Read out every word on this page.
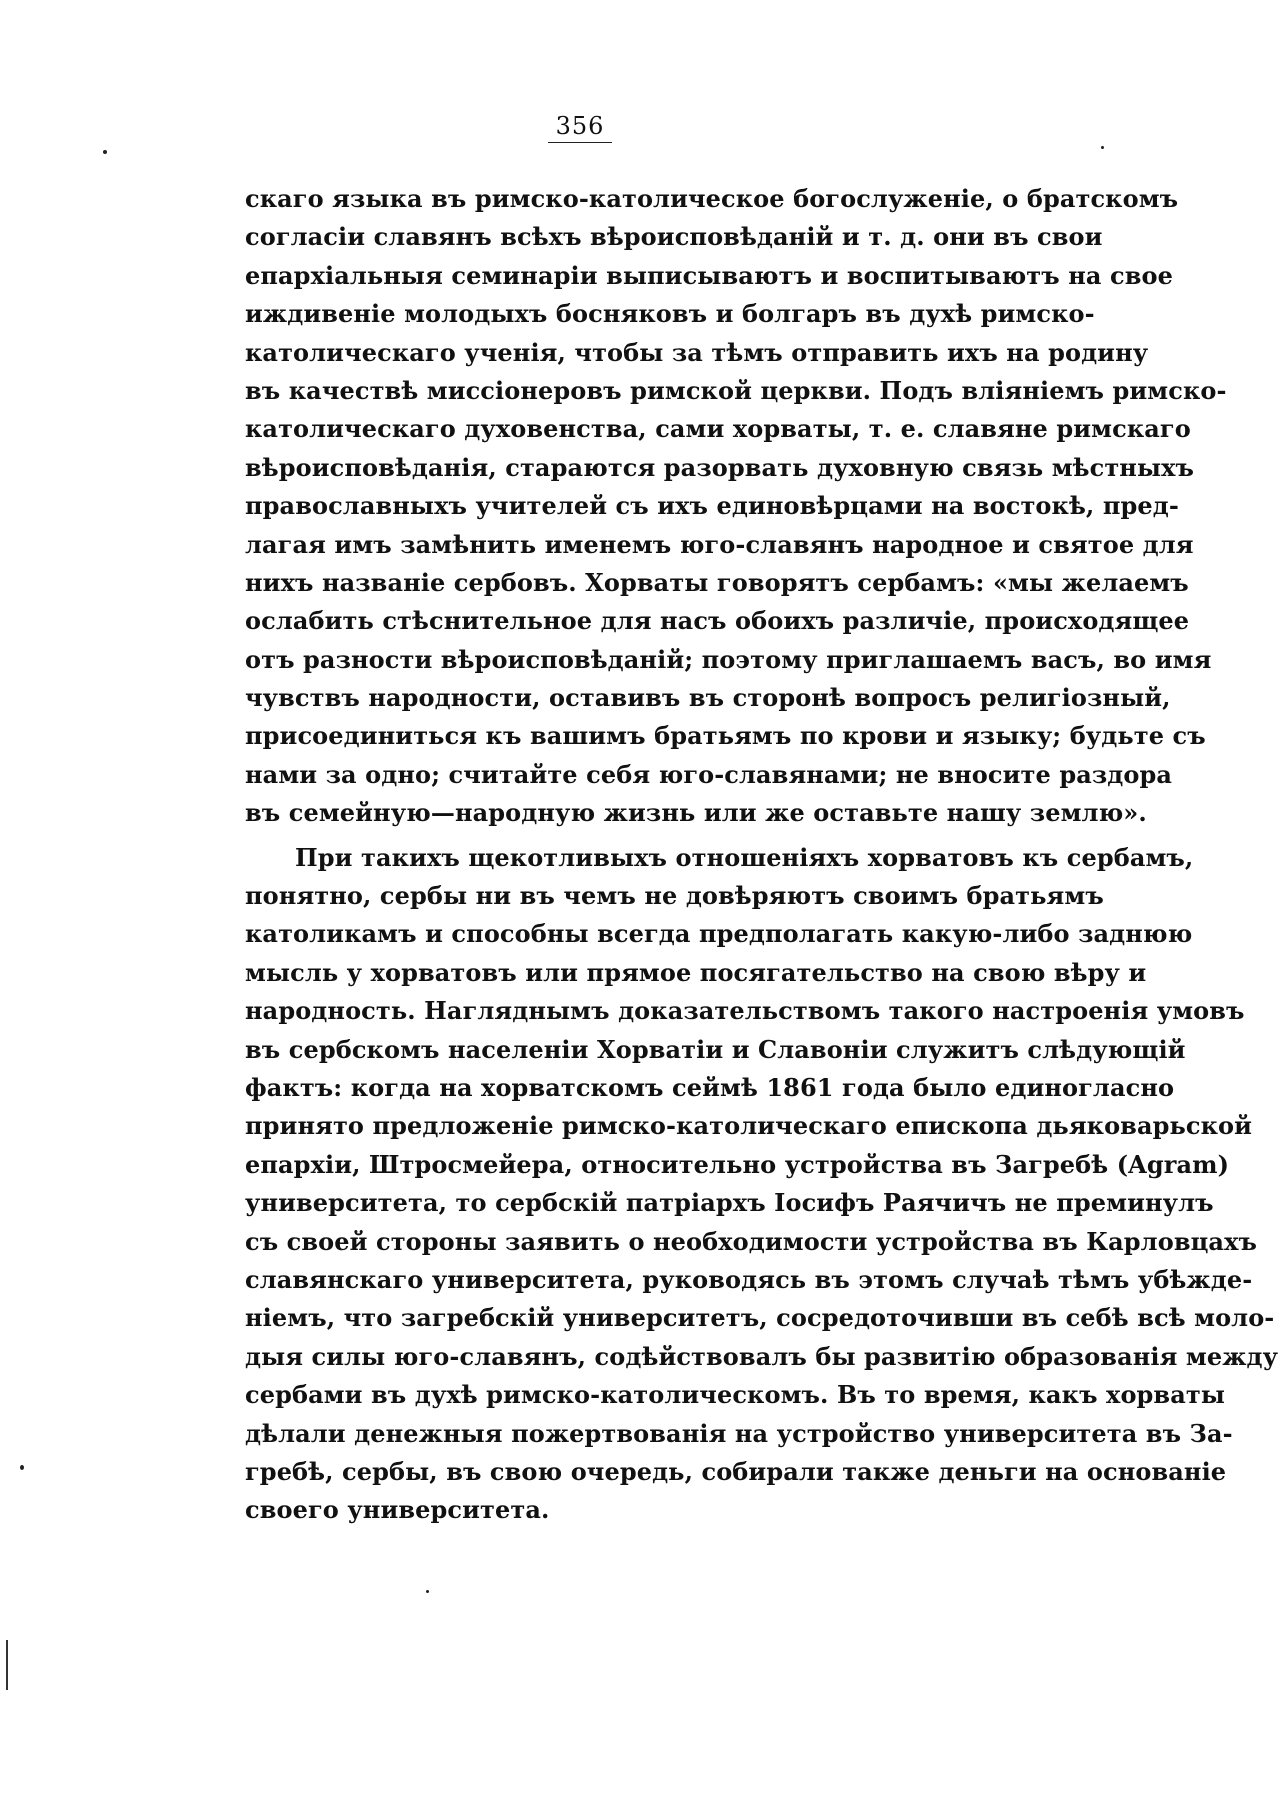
356
скаго языка въ римско-католическое богослуженіе, о братскомъ
согласіи славянъ всѣхъ вѣроисповѣданій и т. д. они въ свои
епархіальныя семинаріи выписываютъ и воспитываютъ на свое
иждивеніе молодыхъ босняковъ и болгаръ въ духѣ римско-
католическаго ученія, чтобы за тѣмъ отправить ихъ на родину
въ качествѣ миссіонеровъ римской церкви. Подъ вліяніемъ римско-
католическаго духовенства, сами хорваты, т. е. славяне римскаго
вѣроисповѣданія, стараются разорвать духовную связь мѣстныхъ
православныхъ учителей съ ихъ единовѣрцами на востокѣ, пред-
лагая имъ замѣнить именемъ юго-славянъ народное и святое для
нихъ названіе сербовъ. Хорваты говорятъ сербамъ: «мы желаемъ
ослабить стѣснительное для насъ обоихъ различіе, происходящее
отъ разности вѣроисповѣданій; поэтому приглашаемъ васъ, во имя
чувствъ народности, оставивъ въ сторонѣ вопросъ религіозный,
присоединиться къ вашимъ братьямъ по крови и языку; будьте съ
нами за одно; считайте себя юго-славянами; не вносите раздора
въ семейную—народную жизнь или же оставьте нашу землю».
При такихъ щекотливыхъ отношеніяхъ хорватовъ къ сербамъ,
понятно, сербы ни въ чемъ не довѣряютъ своимъ братьямъ
католикамъ и способны всегда предполагать какую-либо заднюю
мысль у хорватовъ или прямое посягательство на свою вѣру и
народность. Нагляднымъ доказательствомъ такого настроенія умовъ
въ сербскомъ населеніи Хорватіи и Славоніи служитъ слѣдующій
фактъ: когда на хорватскомъ сеймѣ 1861 года было единогласно
принято предложеніе римско-католическаго епископа дьяковарьской
епархіи, Штросмейера, относительно устройства въ Загребѣ (Agram)
университета, то сербскій патріархъ Іосифъ Раячичъ не преминулъ
съ своей стороны заявить о необходимости устройства въ Карловцахъ
славянскаго университета, руководясь въ этомъ случаѣ тѣмъ убѣжде-
ніемъ, что загребскій университетъ, сосредоточивши въ себѣ всѣ моло-
дыя силы юго-славянъ, содѣйствовалъ бы развитію образованія между
сербами въ духѣ римско-католическомъ. Въ то время, какъ хорваты
дѣлали денежныя пожертвованія на устройство университета въ За-
гребѣ, сербы, въ свою очередь, собирали также деньги на основаніе
своего университета.
